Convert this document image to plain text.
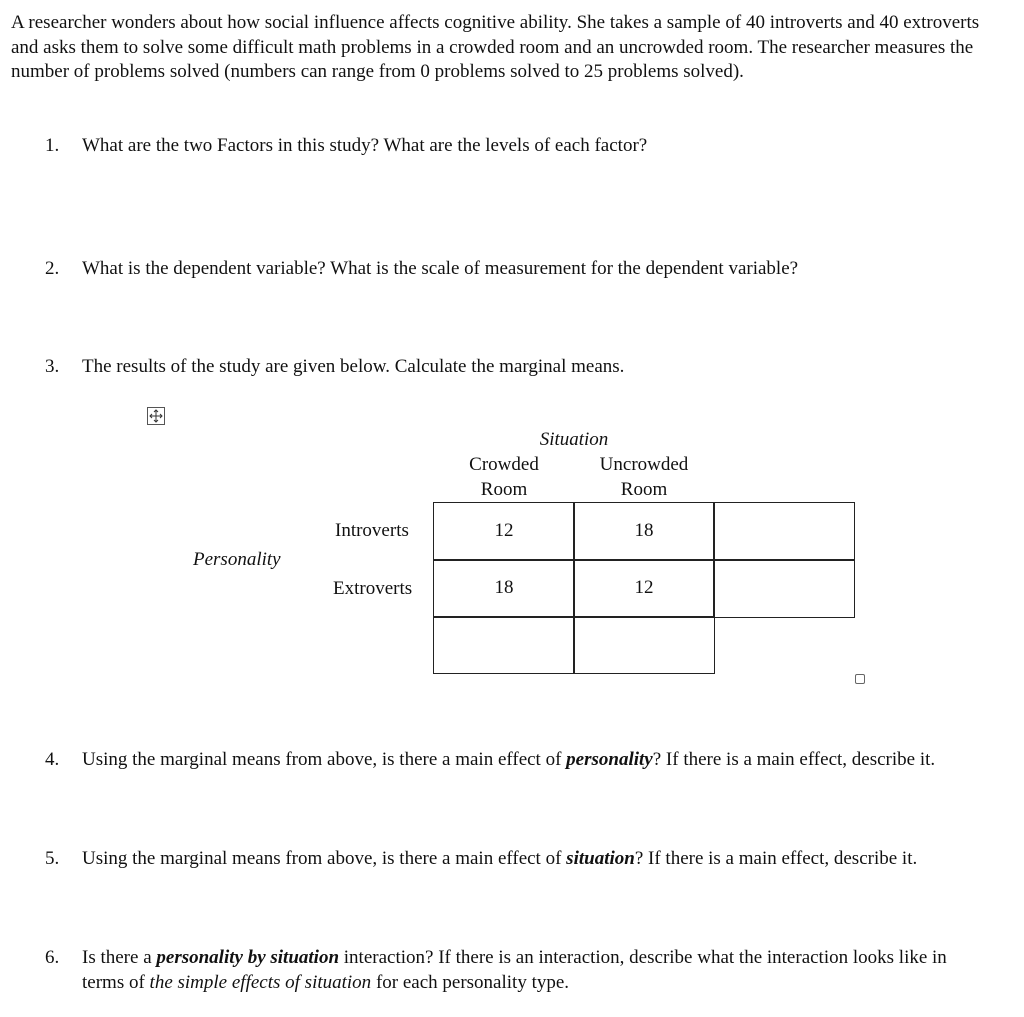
A researcher wonders about how social influence affects cognitive ability. She takes a sample of 40 introverts and 40 extroverts and asks them to solve some difficult math problems in a crowded room and an uncrowded room. The researcher measures the number of problems solved (numbers can range from 0 problems solved to 25 problems solved).

1. What are the two Factors in this study? What are the levels of each factor?
2. What is the dependent variable? What is the scale of measurement for the dependent variable?
3. The results of the study are given below. Calculate the marginal means.
Situation
Crowded
Room
Uncrowded
Room
Personality
Introverts
Extroverts
12	18
18	12
4. Using the marginal means from above, is there a main effect of personality? If there is a main effect, describe it.
5. Using the marginal means from above, is there a main effect of situation? If there is a main effect, describe it.
6. Is there a personality by situation interaction? If there is an interaction, describe what the interaction looks like in terms of the simple effects of situation for each personality type.
